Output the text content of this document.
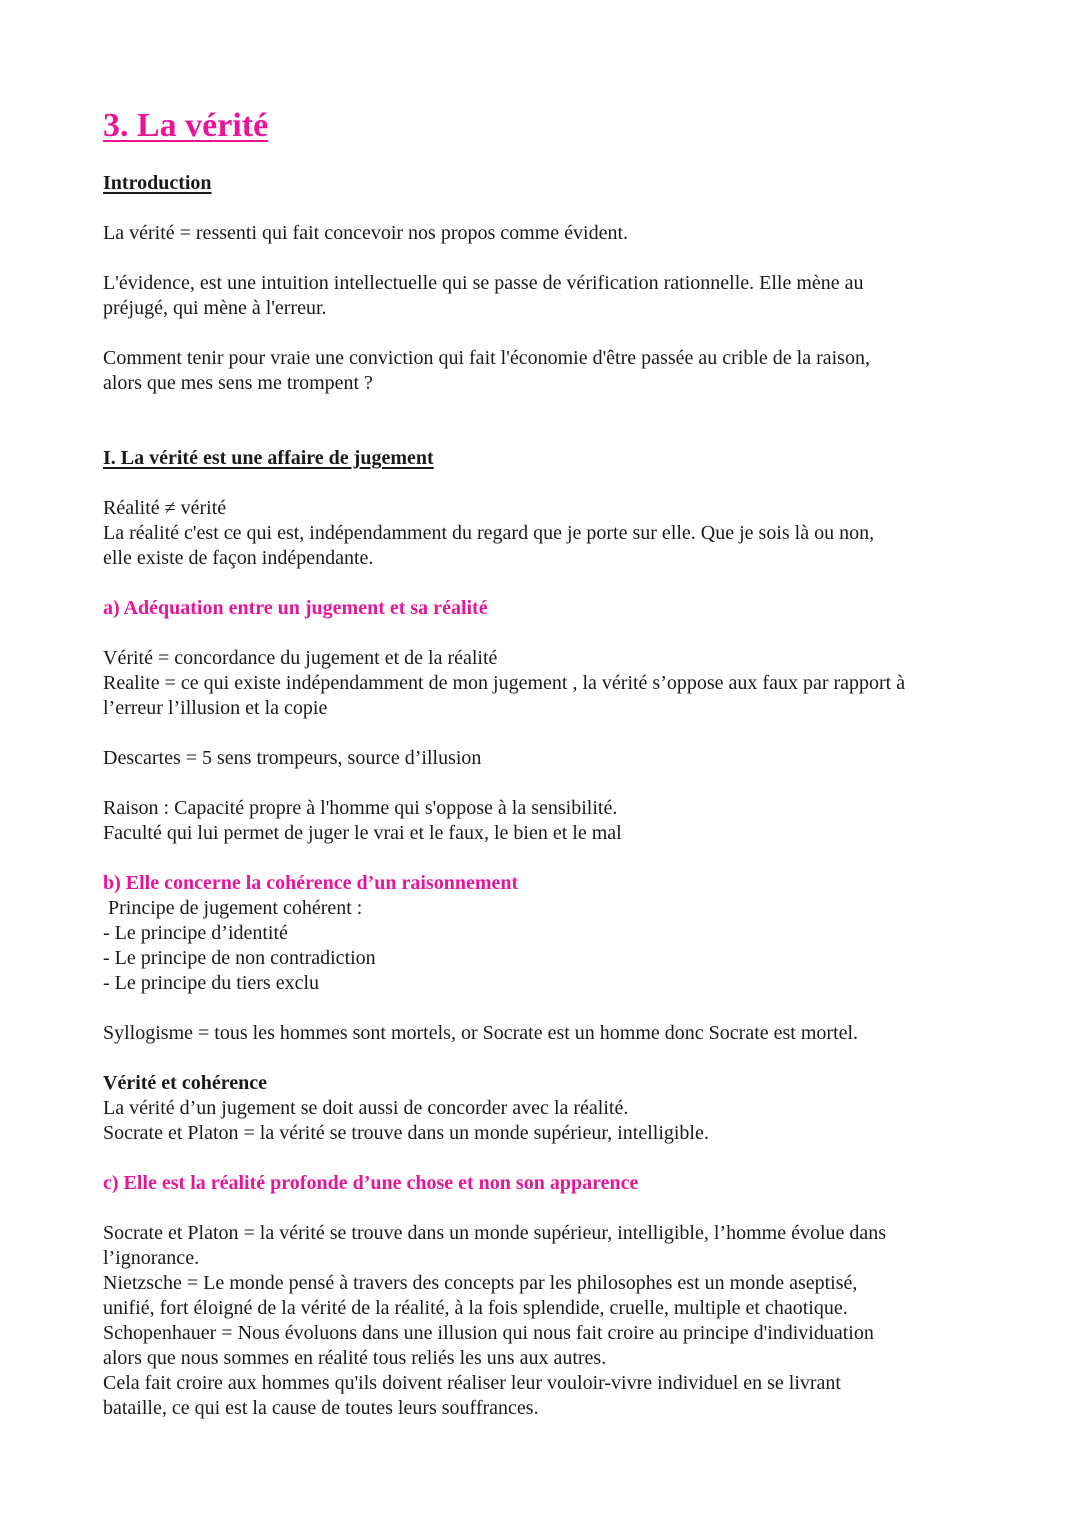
3. La vérité
Introduction

La vérité = ressenti qui fait concevoir nos propos comme évident.

L'évidence, est une intuition intellectuelle qui se passe de vérification rationnelle. Elle mène au

préjugé, qui mène à l'erreur.

Comment tenir pour vraie une conviction qui fait l'économie d'être passée au crible de la raison,

alors que mes sens me trompent ?

I. La vérité est une affaire de jugement

Réalité ≠ vérité

La réalité c'est ce qui est, indépendamment du regard que je porte sur elle. Que je sois là ou non,

elle existe de façon indépendante.

a) Adéquation entre un jugement et sa réalité

Vérité = concordance du jugement et de la réalité

Realite = ce qui existe indépendamment de mon jugement , la vérité s’oppose aux faux par rapport à

l’erreur l’illusion et la copie

Descartes = 5 sens trompeurs, source d’illusion

Raison : Capacité propre à l'homme qui s'oppose à la sensibilité.

Faculté qui lui permet de juger le vrai et le faux, le bien et le mal

b) Elle concerne la cohérence d’un raisonnement

Principe de jugement cohérent :

- Le principe d’identité

- Le principe de non contradiction

- Le principe du tiers exclu

Syllogisme = tous les hommes sont mortels, or Socrate est un homme donc Socrate est mortel.

Vérité et cohérence

La vérité d’un jugement se doit aussi de concorder avec la réalité.

Socrate et Platon = la vérité se trouve dans un monde supérieur, intelligible.

c) Elle est la réalité profonde d’une chose et non son apparence

Socrate et Platon = la vérité se trouve dans un monde supérieur, intelligible, l’homme évolue dans

l’ignorance.

Nietzsche = Le monde pensé à travers des concepts par les philosophes est un monde aseptisé,

unifié, fort éloigné de la vérité de la réalité, à la fois splendide, cruelle, multiple et chaotique.

Schopenhauer = Nous évoluons dans une illusion qui nous fait croire au principe d'individuation

alors que nous sommes en réalité tous reliés les uns aux autres.

Cela fait croire aux hommes qu'ils doivent réaliser leur vouloir-vivre individuel en se livrant

bataille, ce qui est la cause de toutes leurs souffrances.
